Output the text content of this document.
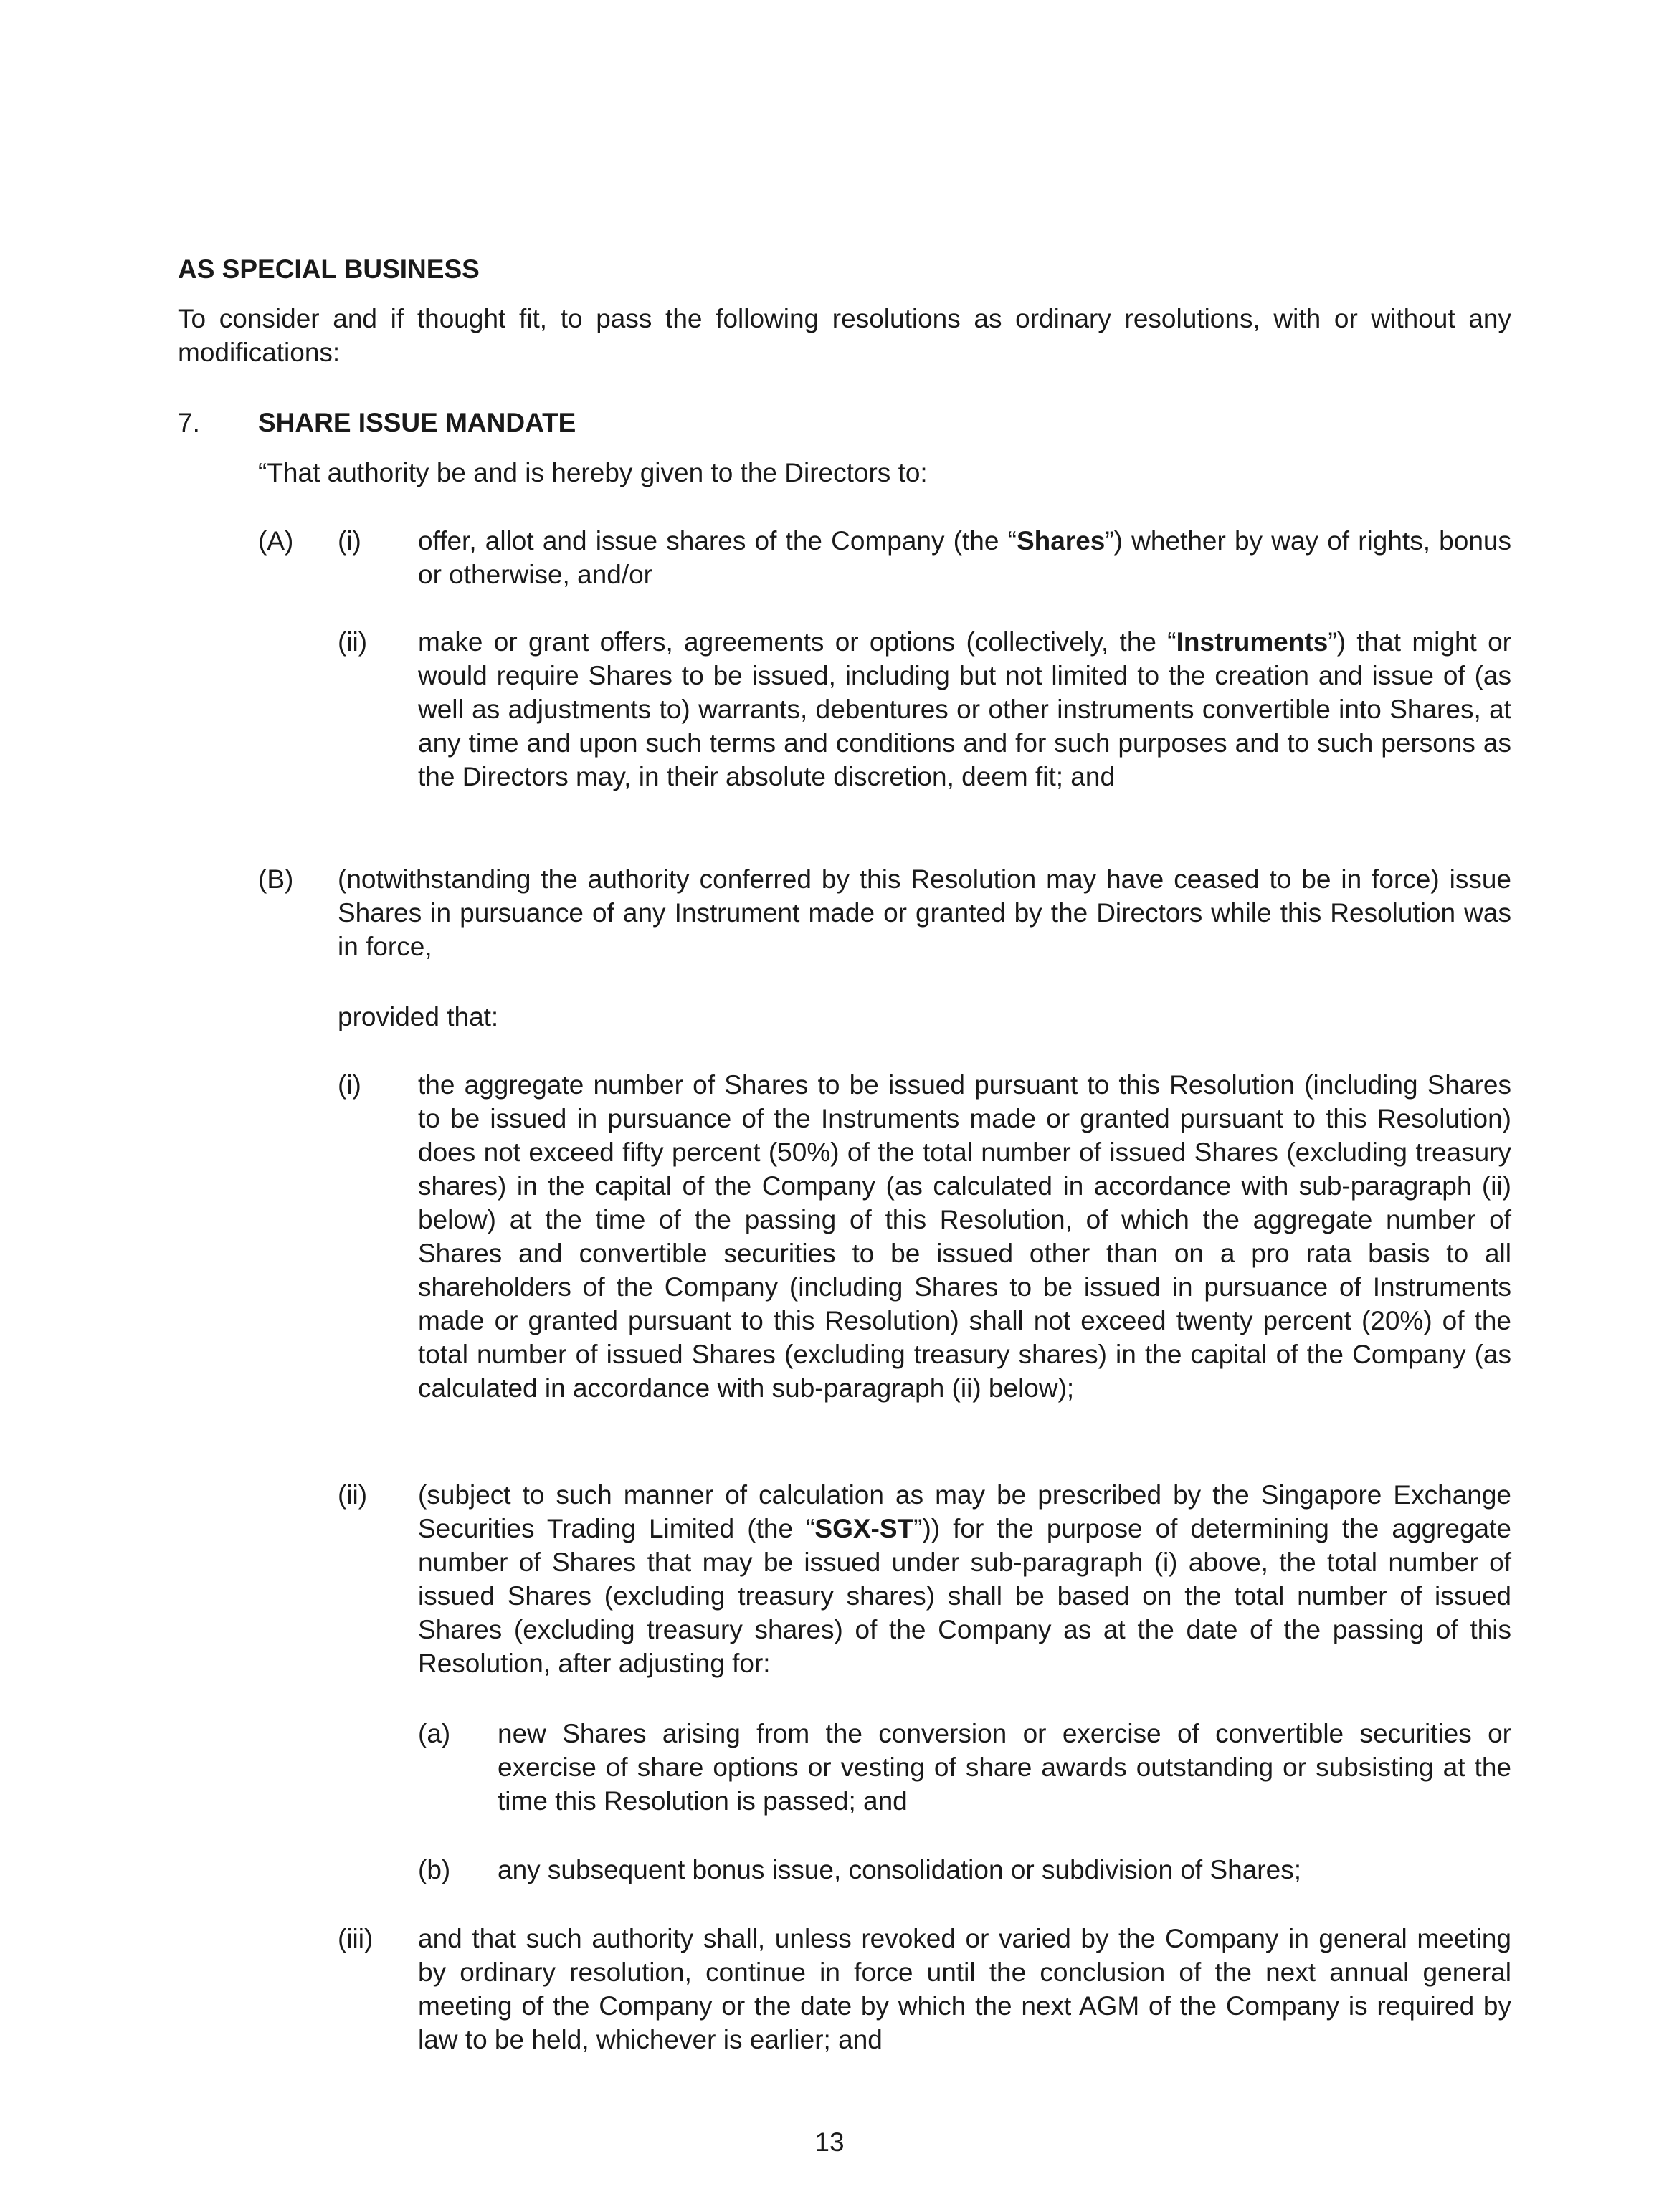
AS SPECIAL BUSINESS

To consider and if thought fit, to pass the following resolutions as ordinary resolutions, with or without any modifications:

7. SHARE ISSUE MANDATE

“That authority be and is hereby given to the Directors to:

(A) (i) offer, allot and issue shares of the Company (the “Shares”) whether by way of rights, bonus or otherwise, and/or

(ii) make or grant offers, agreements or options (collectively, the “Instruments”) that might or would require Shares to be issued, including but not limited to the creation and issue of (as well as adjustments to) warrants, debentures or other instruments convertible into Shares, at any time and upon such terms and conditions and for such purposes and to such persons as the Directors may, in their absolute discretion, deem fit; and

(B) (notwithstanding the authority conferred by this Resolution may have ceased to be in force) issue Shares in pursuance of any Instrument made or granted by the Directors while this Resolution was in force,

provided that:

(i) the aggregate number of Shares to be issued pursuant to this Resolution (including Shares to be issued in pursuance of the Instruments made or granted pursuant to this Resolution) does not exceed fifty percent (50%) of the total number of issued Shares (excluding treasury shares) in the capital of the Company (as calculated in accordance with sub-paragraph (ii) below) at the time of the passing of this Resolution, of which the aggregate number of Shares and convertible securities to be issued other than on a pro rata basis to all shareholders of the Company (including Shares to be issued in pursuance of Instruments made or granted pursuant to this Resolution) shall not exceed twenty percent (20%) of the total number of issued Shares (excluding treasury shares) in the capital of the Company (as calculated in accordance with sub-paragraph (ii) below);

(ii) (subject to such manner of calculation as may be prescribed by the Singapore Exchange Securities Trading Limited (the “SGX-ST”)) for the purpose of determining the aggregate number of Shares that may be issued under sub-paragraph (i) above, the total number of issued Shares (excluding treasury shares) shall be based on the total number of issued Shares (excluding treasury shares) of the Company as at the date of the passing of this Resolution, after adjusting for:

(a) new Shares arising from the conversion or exercise of convertible securities or exercise of share options or vesting of share awards outstanding or subsisting at the time this Resolution is passed; and

(b) any subsequent bonus issue, consolidation or subdivision of Shares;

(iii) and that such authority shall, unless revoked or varied by the Company in general meeting by ordinary resolution, continue in force until the conclusion of the next annual general meeting of the Company or the date by which the next AGM of the Company is required by law to be held, whichever is earlier; and

13
